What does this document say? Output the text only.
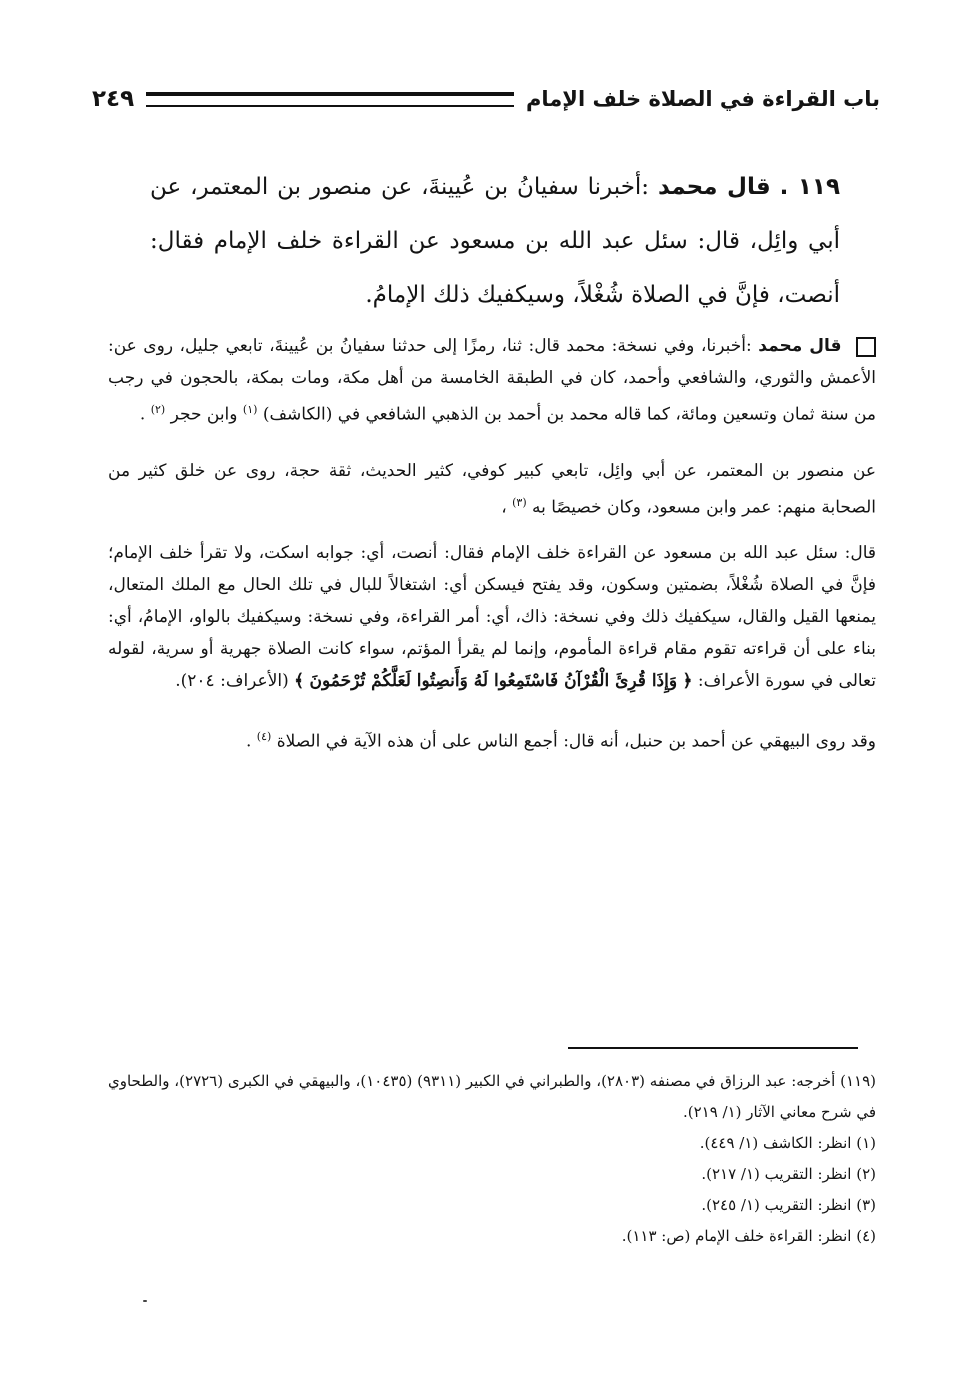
باب القراءة في الصلاة خلف الإمام
٢٤٩
١١٩ . قال محمد :أخبرنا سفيانُ بن عُيينةَ، عن منصور بن المعتمر، عن أبي وائِل، قال: سئل عبد الله بن مسعود عن القراءة خلف الإمام فقال: أنصت، فإنَّ في الصلاة شُغْلاً، وسيكفيك ذلك الإمامُ.

قال محمد :أخبرنا، وفي نسخة: محمد قال: ثنا، رمزًا إلى حدثنا سفيانُ بن عُيينةَ، تابعي جليل، روى عن: الأعمش والثوري، والشافعي وأحمد، كان في الطبقة الخامسة من أهل مكة، ومات بمكة، بالحجون في رجب من سنة ثمان وتسعين ومائة، كما قاله محمد بن أحمد بن الذهبي الشافعي في (الكاشف) $^{(١)}$ وابن حجر $^{(٢)}$ .

عن منصور بن المعتمر، عن أبي وائِل، تابعي كبير كوفي، كثير الحديث، ثقة حجة، روى عن خلق كثير من الصحابة منهم: عمر وابن مسعود، وكان خصيصًا به $^{(٣)}$ ،

قال: سئل عبد الله بن مسعود عن القراءة خلف الإمام فقال: أنصت، أي: جوابه اسكت، ولا تقرأ خلف الإمام؛ فإنَّ في الصلاة شُغْلاً، بضمتين وسكون، وقد يفتح فيسكن أي: اشتغالاً للبال في تلك الحال مع الملك المتعال، يمنعها القيل والقال، سيكفيك ذلك وفي نسخة: ذاك، أي: أمر القراءة، وفي نسخة: وسيكفيك بالواو، الإمامُ، أي: بناء على أن قراءته تقوم مقام قراءة المأموم، وإنما لم يقرأ المؤتم، سواء كانت الصلاة جهرية أو سرية، لقوله تعالى في سورة الأعراف: ﴿ وَإِذَا قُرِئَ الْقُرْآنُ فَاسْتَمِعُوا لَهُ وَأَنصِتُوا لَعَلَّكُمْ تُرْحَمُونَ ﴾ (الأعراف: ٢٠٤).

وقد روى البيهقي عن أحمد بن حنبل، أنه قال: أجمع الناس على أن هذه الآية في الصلاة $^{(٤)}$ .

(١١٩) أخرجه: عبد الرزاق في مصنفه (٢٨٠٣)، والطبراني في الكبير (٩٣١١) (١٠٤٣٥)، والبيهقي في الكبرى (٢٧٢٦)، والطحاوي في شرح معاني الآثار (١/ ٢١٩).

(١) انظر: الكاشف (١/ ٤٤٩).

(٢) انظر: التقريب (١/ ٢١٧).

(٣) انظر: التقريب (١/ ٢٤٥).

(٤) انظر: القراءة خلف الإمام (ص: ١١٣).
